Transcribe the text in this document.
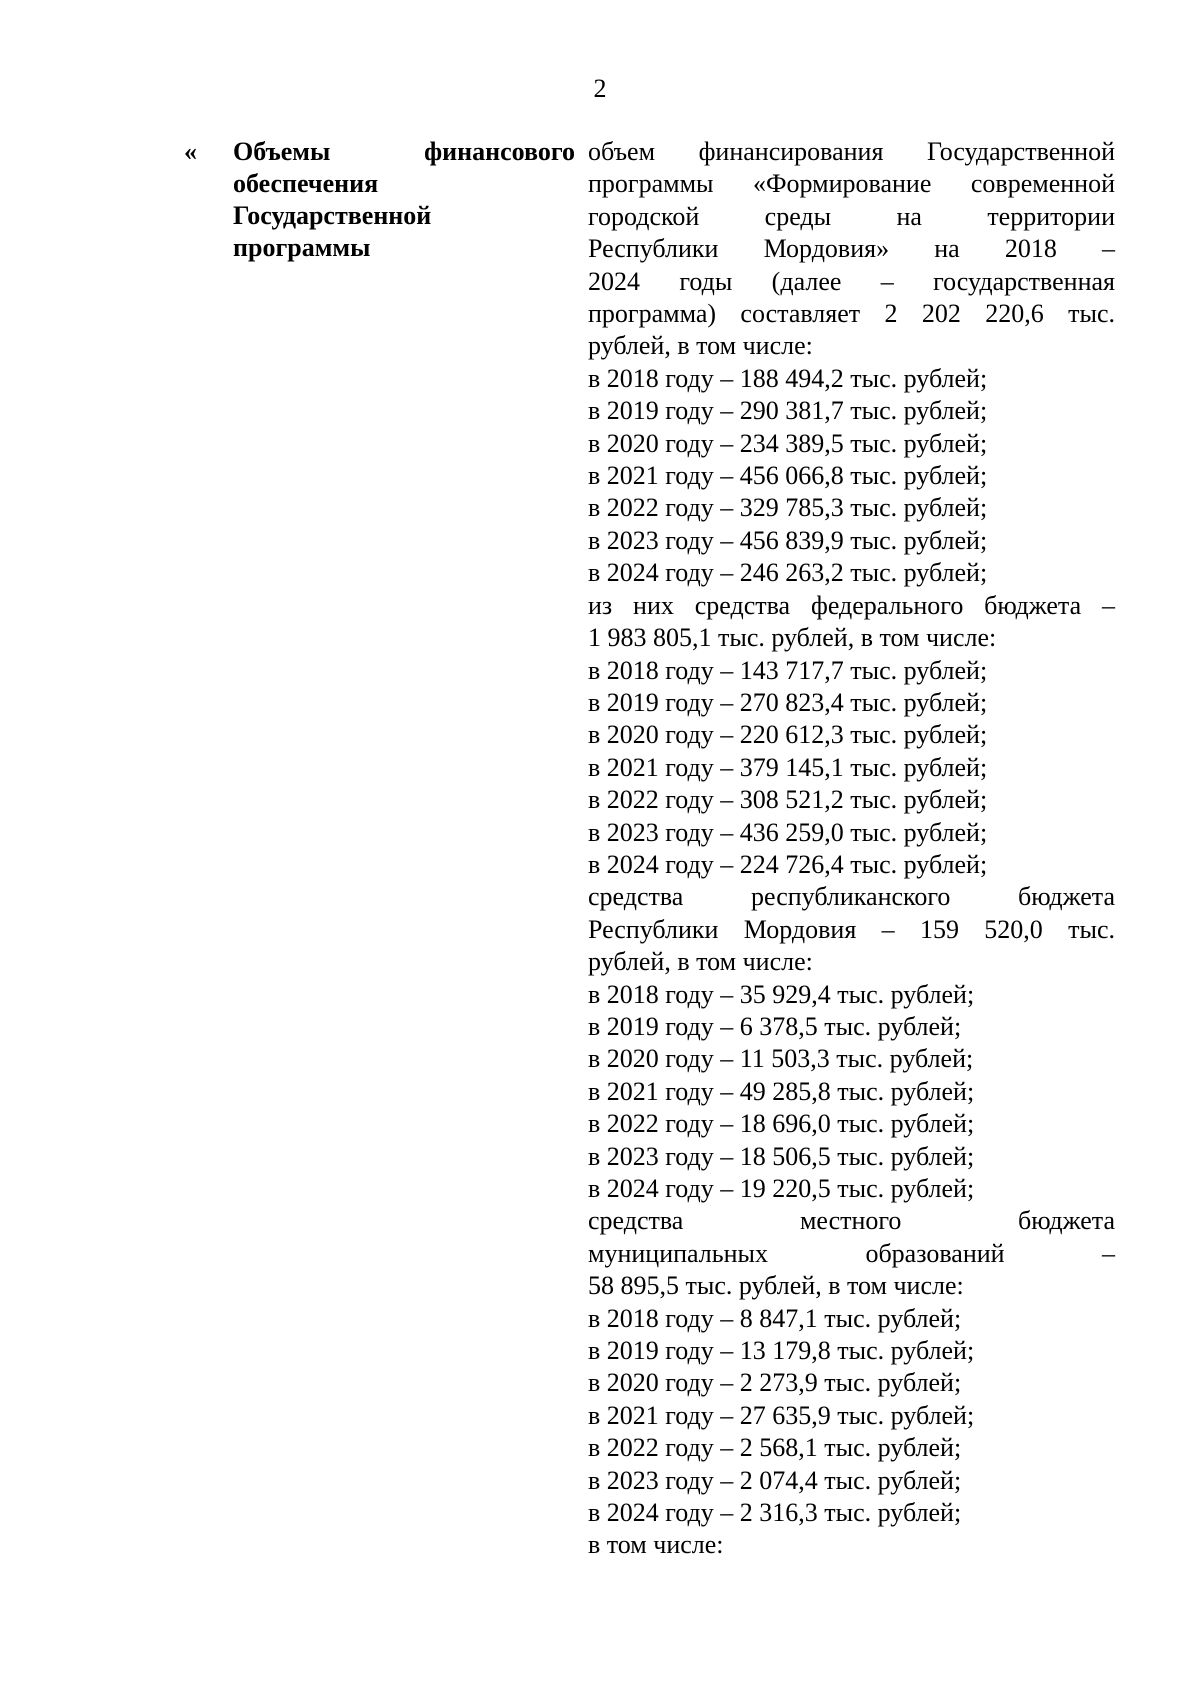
2
« Объемы финансового
обеспечения
Государственной
программы
объем финансирования Государственной
программы «Формирование современной
городской среды на территории
Республики Мордовия» на 2018 –
2024 годы (далее – государственная
программа) составляет 2 202 220,6 тыс.
рублей, в том числе:
в 2018 году – 188 494,2 тыс. рублей;
в 2019 году – 290 381,7 тыс. рублей;
в 2020 году – 234 389,5 тыс. рублей;
в 2021 году – 456 066,8 тыс. рублей;
в 2022 году – 329 785,3 тыс. рублей;
в 2023 году – 456 839,9 тыс. рублей;
в 2024 году – 246 263,2 тыс. рублей;
из них средства федерального бюджета –
1 983 805,1 тыс. рублей, в том числе:
в 2018 году – 143 717,7 тыс. рублей;
в 2019 году – 270 823,4 тыс. рублей;
в 2020 году – 220 612,3 тыс. рублей;
в 2021 году – 379 145,1 тыс. рублей;
в 2022 году – 308 521,2 тыс. рублей;
в 2023 году – 436 259,0 тыс. рублей;
в 2024 году – 224 726,4 тыс. рублей;
средства республиканского бюджета
Республики Мордовия – 159 520,0 тыс.
рублей, в том числе:
в 2018 году – 35 929,4 тыс. рублей;
в 2019 году – 6 378,5 тыс. рублей;
в 2020 году – 11 503,3 тыс. рублей;
в 2021 году – 49 285,8 тыс. рублей;
в 2022 году – 18 696,0 тыс. рублей;
в 2023 году – 18 506,5 тыс. рублей;
в 2024 году – 19 220,5 тыс. рублей;
средства местного бюджета
муниципальных образований –
58 895,5 тыс. рублей, в том числе:
в 2018 году – 8 847,1 тыс. рублей;
в 2019 году – 13 179,8 тыс. рублей;
в 2020 году – 2 273,9 тыс. рублей;
в 2021 году – 27 635,9 тыс. рублей;
в 2022 году – 2 568,1 тыс. рублей;
в 2023 году – 2 074,4 тыс. рублей;
в 2024 году – 2 316,3 тыс. рублей;
в том числе:
